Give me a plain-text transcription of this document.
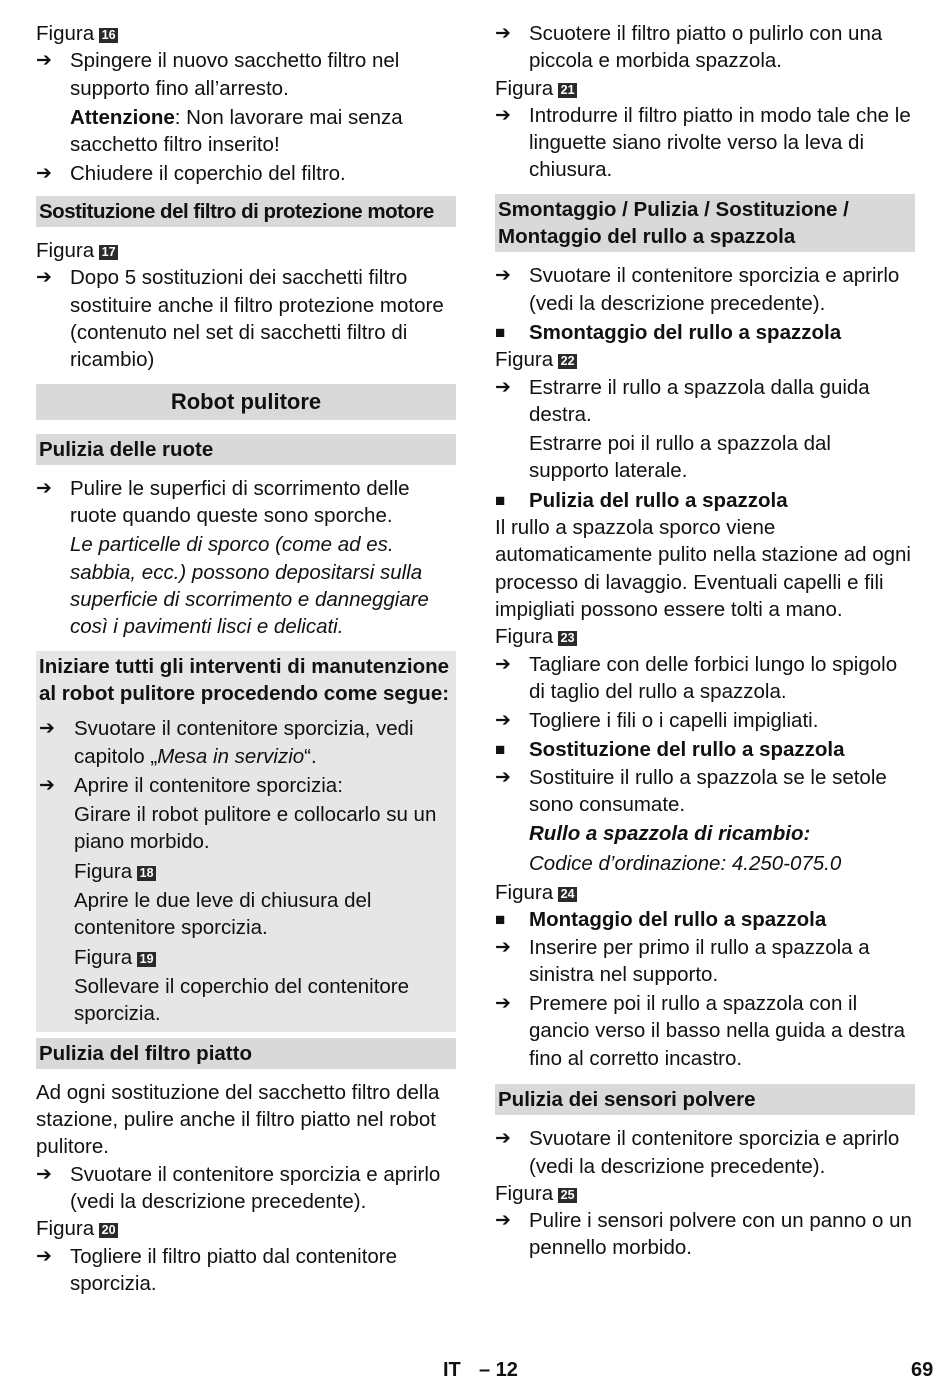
Figura 16

➔ Spingere il nuovo sacchetto filtro nel supporto fino all’arresto.

Attenzione: Non lavorare mai senza sacchetto filtro inserito!

➔ Chiudere il coperchio del filtro.
Sostituzione del filtro di protezione motore

Figura 17

➔ Dopo 5 sostituzioni dei sacchetti filtro sostituire anche il filtro protezione motore (contenuto nel set di sacchetti filtro di ricambio)
Robot pulitore
Pulizia delle ruote
➔ Pulire le superfici di scorrimento delle ruote quando queste sono sporche.

Le particelle di sporco (come ad es. sabbia, ecc.) possono depositarsi sulla superficie di scorrimento e danneggiare così i pavimenti lisci e delicati.

Iniziare tutti gli interventi di manutenzione al robot pulitore procedendo come segue:
➔ Svuotare il contenitore sporcizia, vedi capitolo „Mesa in servizio“.
➔ Aprire il contenitore sporcizia:

Girare il robot pulitore e collocarlo su un piano morbido.

Figura 18

Aprire le due leve di chiusura del contenitore sporcizia.

Figura 19

Sollevare il coperchio del contenitore sporcizia.

Pulizia del filtro piatto

Ad ogni sostituzione del sacchetto filtro della stazione, pulire anche il filtro piatto nel robot pulitore.

➔ Svuotare il contenitore sporcizia e aprirlo (vedi la descrizione precedente).

Figura 20

➔ Togliere il filtro piatto dal contenitore sporcizia.
➔ Scuotere il filtro piatto o pulirlo con una piccola e morbida spazzola.

Figura 21

➔ Introdurre il filtro piatto in modo tale che le linguette siano rivolte verso la leva di chiusura.
Smontaggio / Pulizia / Sostituzione / Montaggio del rullo a spazzola
➔ Svuotare il contenitore sporcizia e aprirlo (vedi la descrizione precedente).
■	Smontaggio del rullo a spazzola

Figura 22

➔ Estrarre il rullo a spazzola dalla guida destra.

Estrarre poi il rullo a spazzola dal supporto laterale.

■	Pulizia del rullo a spazzola

Il rullo a spazzola sporco viene automaticamente pulito nella stazione ad ogni processo di lavaggio. Eventuali capelli e fili impigliati possono essere tolti a mano.

Figura 23

➔ Tagliare con delle forbici lungo lo spigolo di taglio del rullo a spazzola.
➔ Togliere i fili o i capelli impigliati.
■	Sostituzione del rullo a spazzola
➔ Sostituire il rullo a spazzola se le setole sono consumate.

Rullo a spazzola di ricambio:

Codice d’ordinazione: 4.250-075.0

Figura 24

■	Montaggio del rullo a spazzola
➔ Inserire per primo il rullo a spazzola a sinistra nel supporto.
➔ Premere poi il rullo a spazzola con il gancio verso il basso nella guida a destra fino al corretto incastro.
Pulizia dei sensori polvere
➔ Svuotare il contenitore sporcizia e aprirlo (vedi la descrizione precedente).

Figura 25

➔ Pulire i sensori polvere con un panno o un pennello morbido.
IT – 12	69
